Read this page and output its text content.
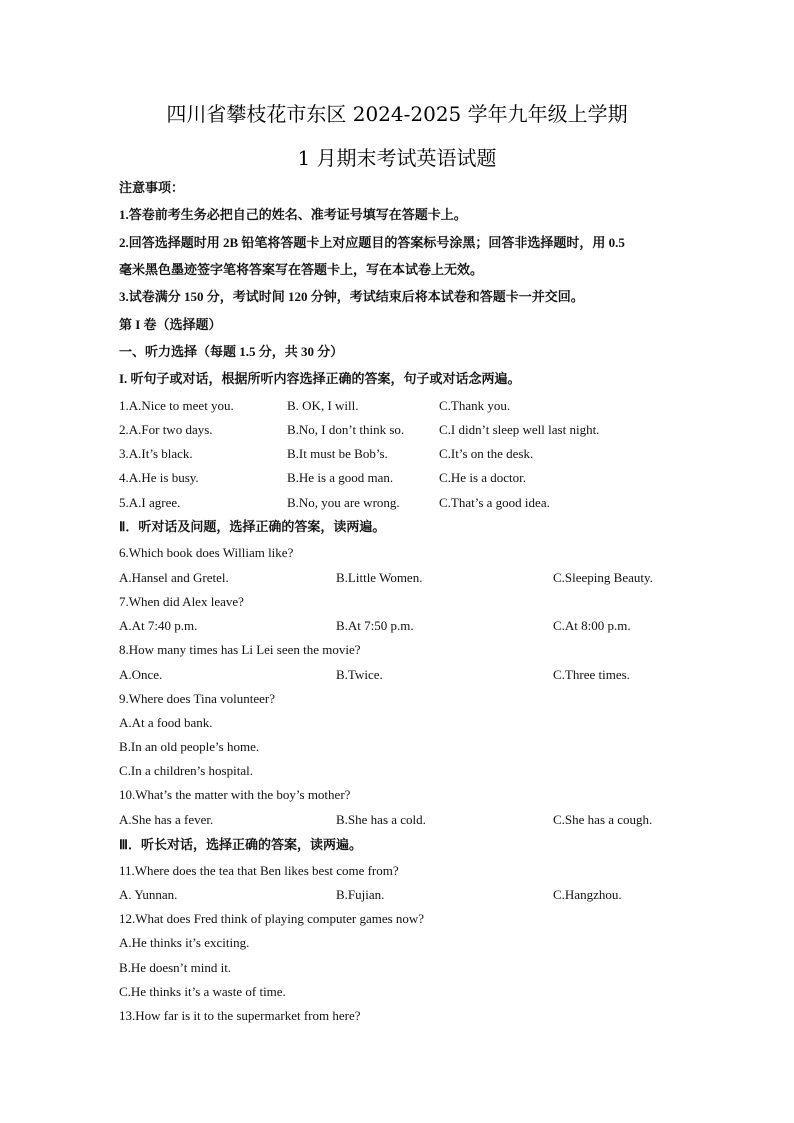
四川省攀枝花市东区 2024-2025 学年九年级上学期
1 月期末考试英语试题
注意事项：
1.答卷前考生务必把自己的姓名、准考证号填写在答题卡上。
2.回答选择题时用 2B 铅笔将答题卡上对应题目的答案标号涂黑；回答非选择题时，用 0.5
毫米黑色墨迹签字笔将答案写在答题卡上，写在本试卷上无效。
3.试卷满分 150 分，考试时间 120 分钟，考试结束后将本试卷和答题卡一并交回。
第 I 卷（选择题）
一、听力选择（每题 1.5 分，共 30 分）
I. 听句子或对话，根据所听内容选择正确的答案，句子或对话念两遍。
1.A.Nice to meet you.	B. OK, I will.	C.Thank you.
2.A.For two days.	B.No, I don’t think so.	C.I didn’t sleep well last night.
3.A.It’s black.	B.It must be Bob’s.	C.It’s on the desk.
4.A.He is busy.	B.He is a good man.	C.He is a doctor.
5.A.I agree.	B.No, you are wrong.	C.That’s a good idea.
Ⅱ．听对话及问题，选择正确的答案，读两遍。
6.Which book does William like?
A.Hansel and Gretel.	B.Little Women.	C.Sleeping Beauty.
7.When did Alex leave?
A.At 7:40 p.m.	B.At 7:50 p.m.	C.At 8:00 p.m.
8.How many times has Li Lei seen the movie?
A.Once.	B.Twice.	C.Three times.
9.Where does Tina volunteer?
A.At a food bank.
B.In an old people’s home.
C.In a children’s hospital.
10.What’s the matter with the boy’s mother?
A.She has a fever.	B.She has a cold.	C.She has a cough.
Ⅲ．听长对话，选择正确的答案，读两遍。
11.Where does the tea that Ben likes best come from?
A. Yunnan.	B.Fujian.	C.Hangzhou.
12.What does Fred think of playing computer games now?
A.He thinks it’s exciting.
B.He doesn’t mind it.
C.He thinks it’s a waste of time.
13.How far is it to the supermarket from here?
